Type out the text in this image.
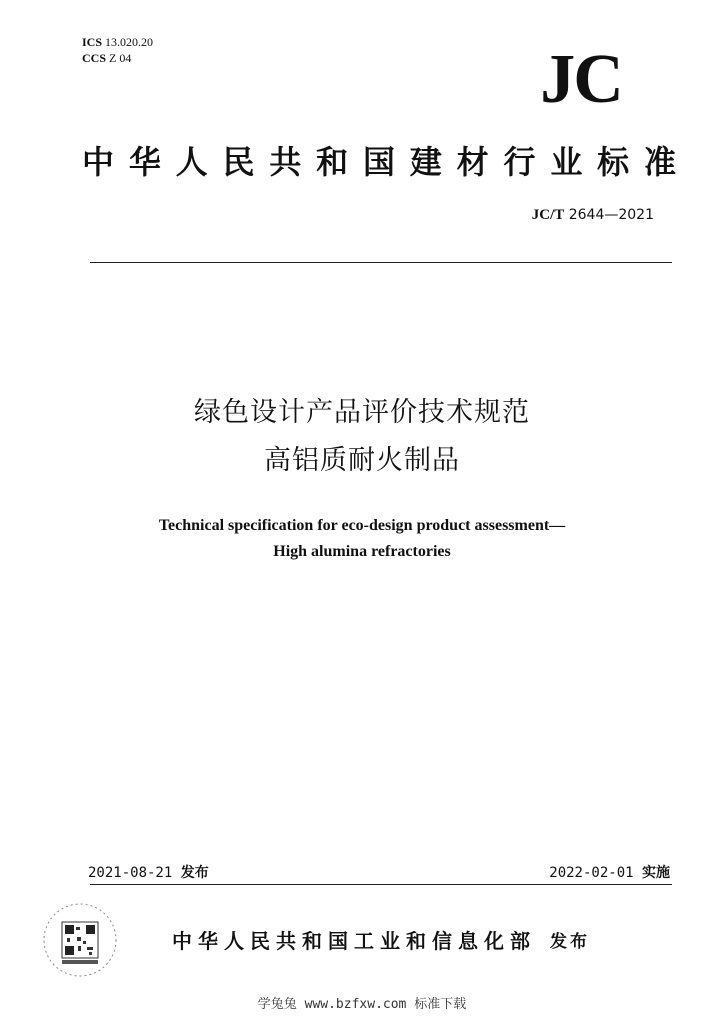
ICS 13.020.20
CCS Z 04	JC
中华人民共和国建材行业标准
JC/T 2644—2021
绿色设计产品评价技术规范
高铝质耐火制品
Technical specification for eco-design product assessment—
High alumina refractories
2021-08-21 发布	2022-02-01 实施
中华人民共和国工业和信息化部 发布
学兔兔 www.bzfxw.com 标准下载
